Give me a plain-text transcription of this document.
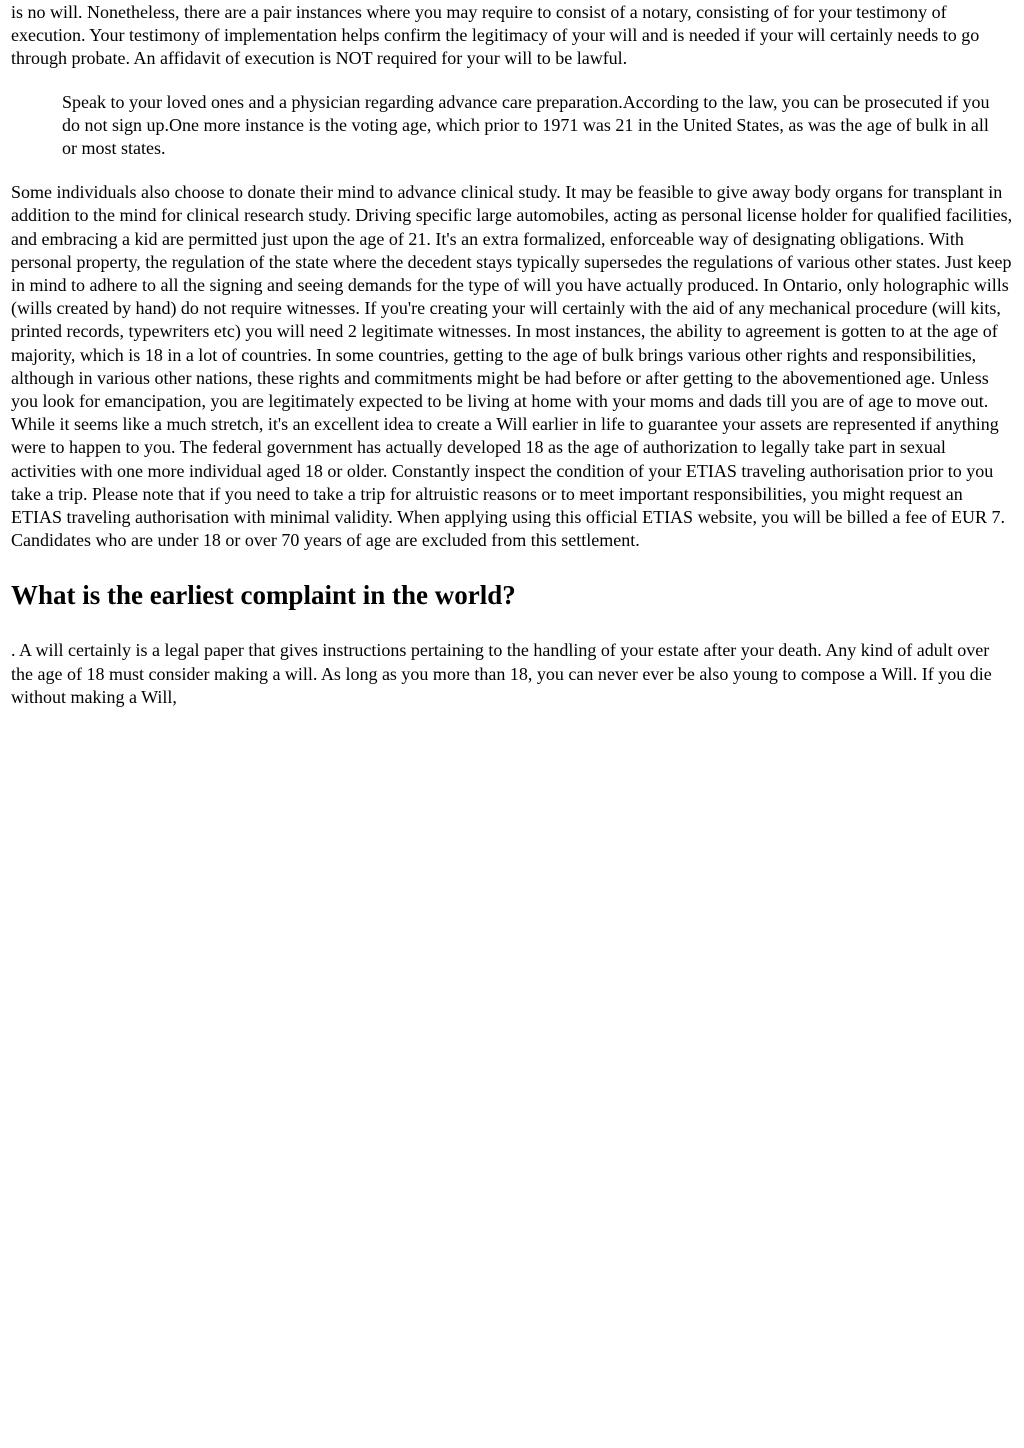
is no will. Nonetheless, there are a pair instances where you may require to consist of a notary, consisting of for your testimony of execution. Your testimony of implementation helps confirm the legitimacy of your will and is needed if your will certainly needs to go through probate. An affidavit of execution is NOT required for your will to be lawful.

Speak to your loved ones and a physician regarding advance care preparation.According to the law, you can be prosecuted if you do not sign up.One more instance is the voting age, which prior to 1971 was 21 in the United States, as was the age of bulk in all or most states.

Some individuals also choose to donate their mind to advance clinical study. It may be feasible to give away body organs for transplant in addition to the mind for clinical research study. Driving specific large automobiles, acting as personal license holder for qualified facilities, and embracing a kid are permitted just upon the age of 21. It's an extra formalized, enforceable way of designating obligations. With personal property, the regulation of the state where the decedent stays typically supersedes the regulations of various other states. Just keep in mind to adhere to all the signing and seeing demands for the type of will you have actually produced. In Ontario, only holographic wills (wills created by hand) do not require witnesses. If you're creating your will certainly with the aid of any mechanical procedure (will kits, printed records, typewriters etc) you will need 2 legitimate witnesses. In most instances, the ability to agreement is gotten to at the age of majority, which is 18 in a lot of countries. In some countries, getting to the age of bulk brings various other rights and responsibilities, although in various other nations, these rights and commitments might be had before or after getting to the abovementioned age. Unless you look for emancipation, you are legitimately expected to be living at home with your moms and dads till you are of age to move out. While it seems like a much stretch, it's an excellent idea to create a Will earlier in life to guarantee your assets are represented if anything were to happen to you. The federal government has actually developed 18 as the age of authorization to legally take part in sexual activities with one more individual aged 18 or older. Constantly inspect the condition of your ETIAS traveling authorisation prior to you take a trip. Please note that if you need to take a trip for altruistic reasons or to meet important responsibilities, you might request an ETIAS traveling authorisation with minimal validity. When applying using this official ETIAS website, you will be billed a fee of EUR 7. Candidates who are under 18 or over 70 years of age are excluded from this settlement.

What is the earliest complaint in the world?

. A will certainly is a legal paper that gives instructions pertaining to the handling of your estate after your death. Any kind of adult over the age of 18 must consider making a will. As long as you more than 18, you can never ever be also young to compose a Will. If you die without making a Will,
